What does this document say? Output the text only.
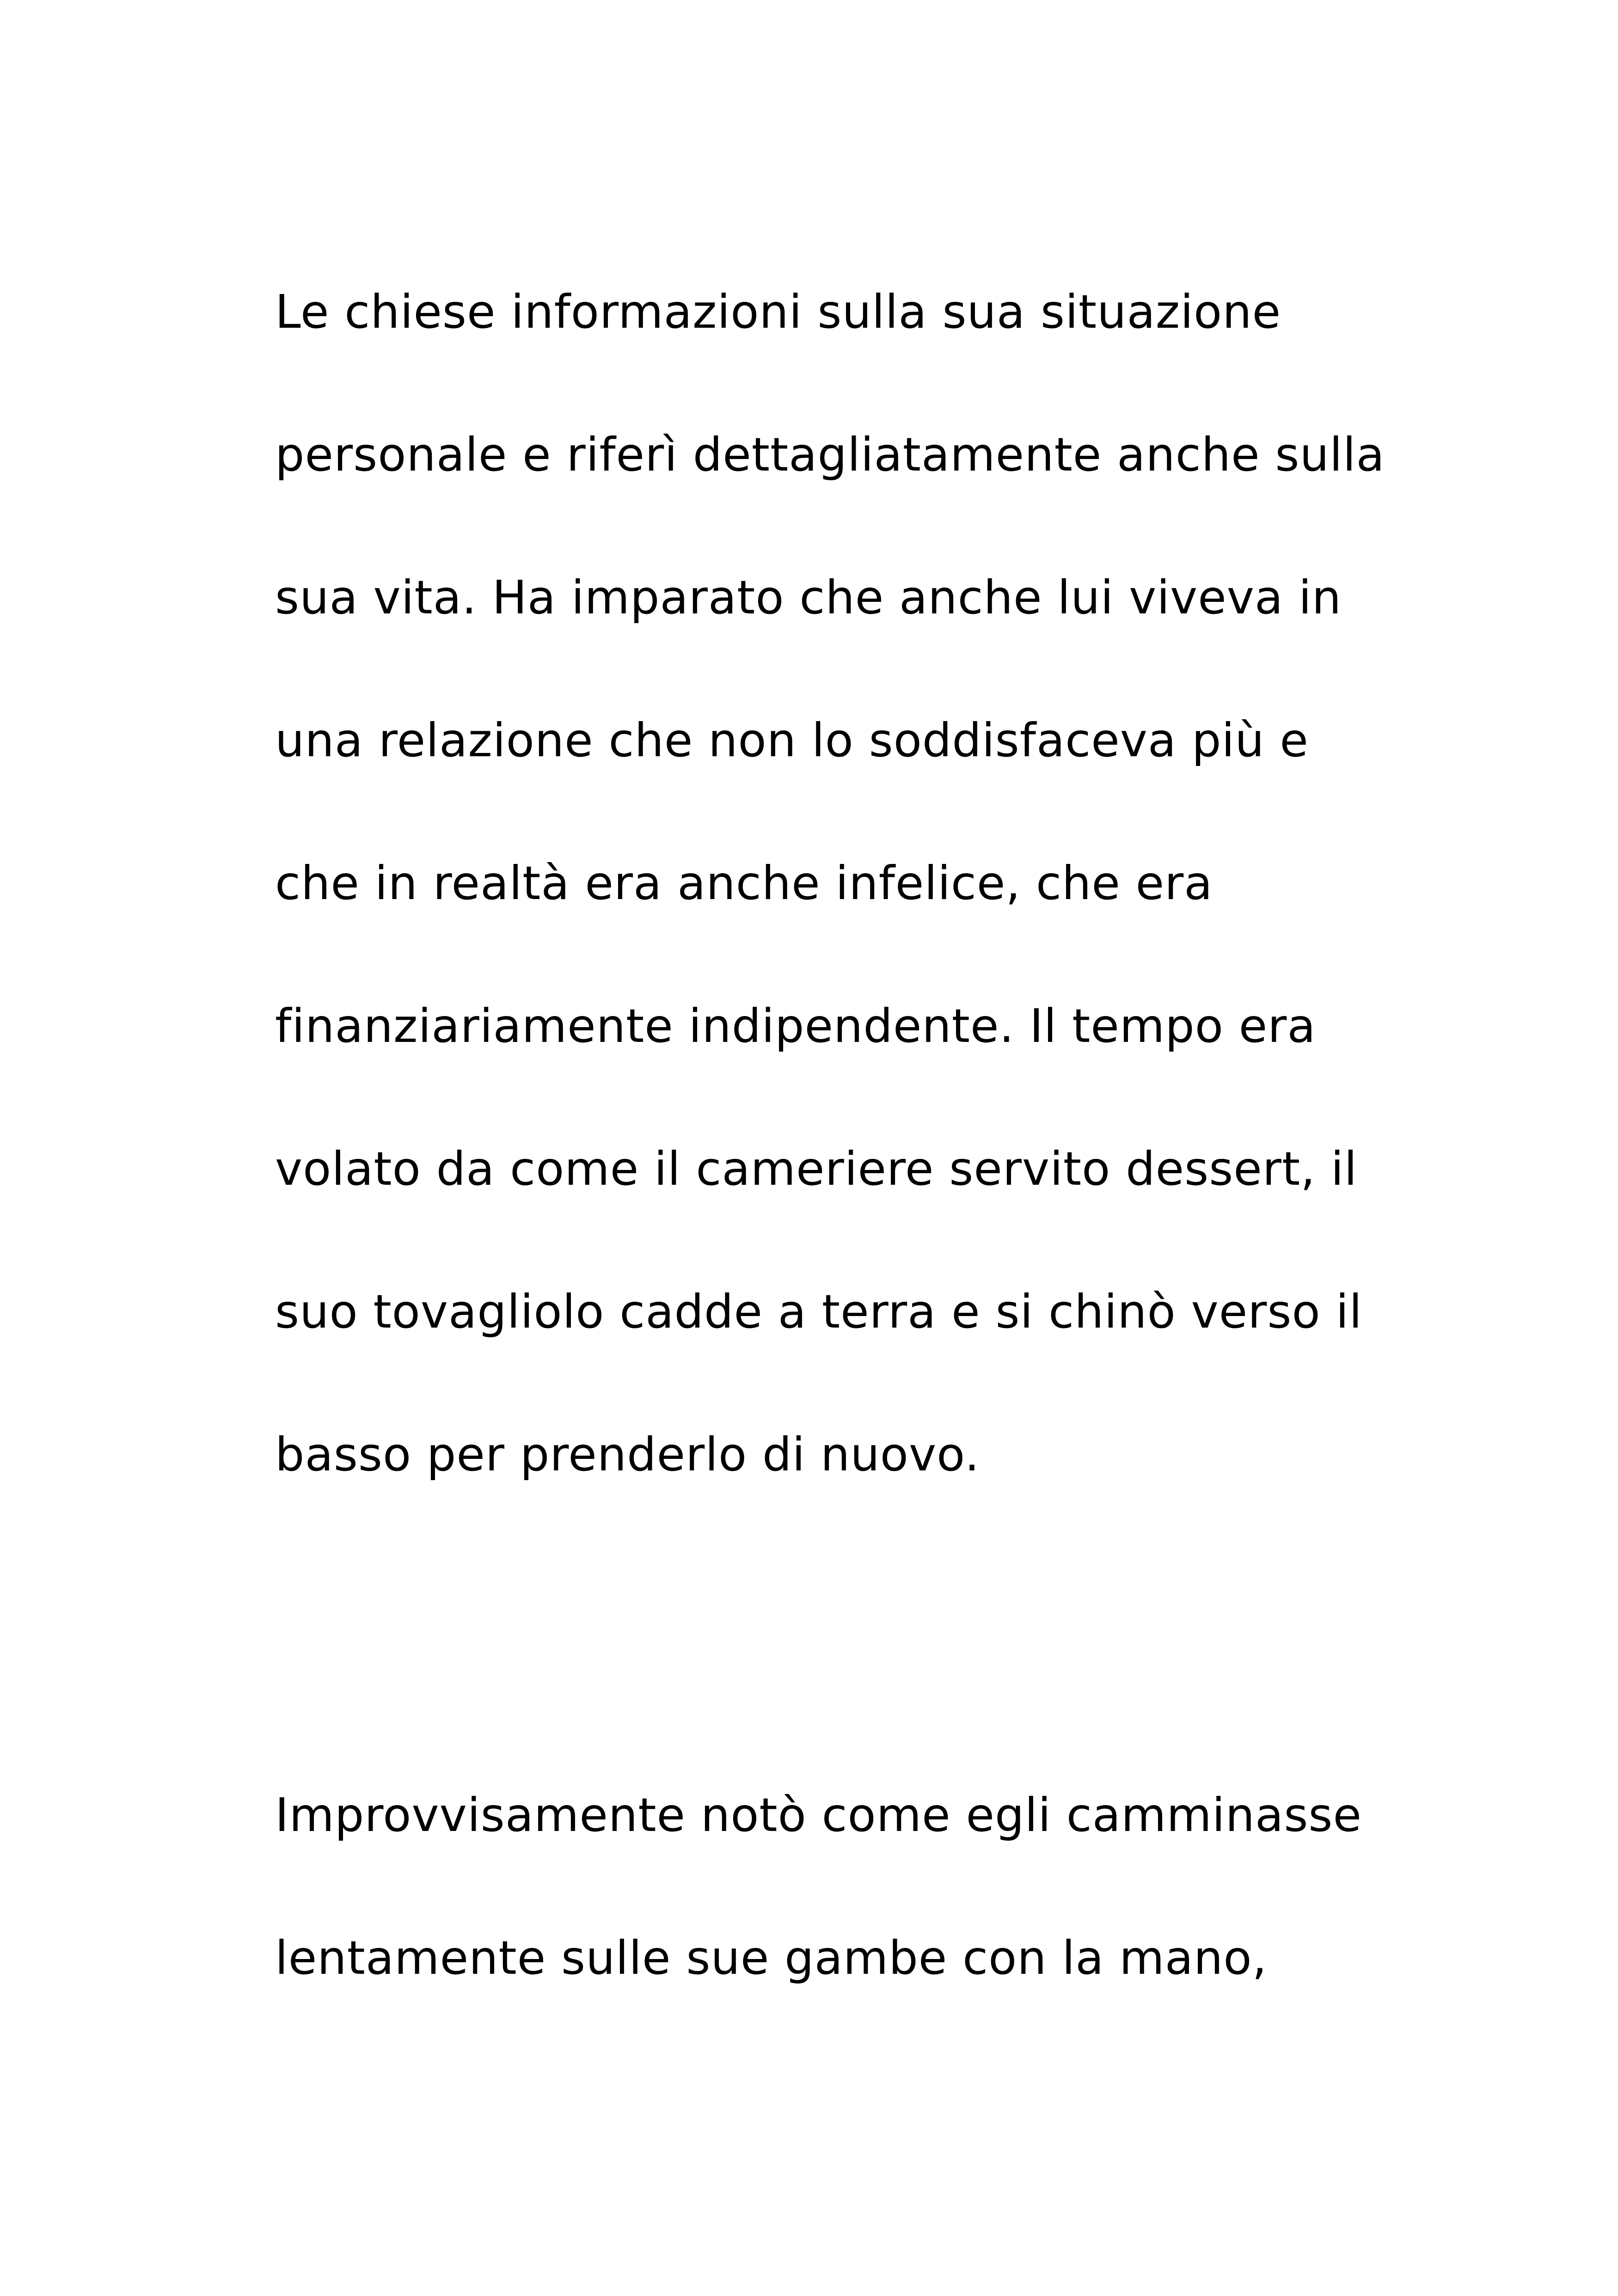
Le chiese informazioni sulla sua situazione
personale e riferì dettagliatamente anche sulla
sua vita. Ha imparato che anche lui viveva in
una relazione che non lo soddisfaceva più e
che in realtà era anche infelice, che era
finanziariamente indipendente. Il tempo era
volato da come il cameriere servito dessert, il
suo tovagliolo cadde a terra e si chinò verso il
basso per prenderlo di nuovo.
Improvvisamente notò come egli camminasse
lentamente sulle sue gambe con la mano,
